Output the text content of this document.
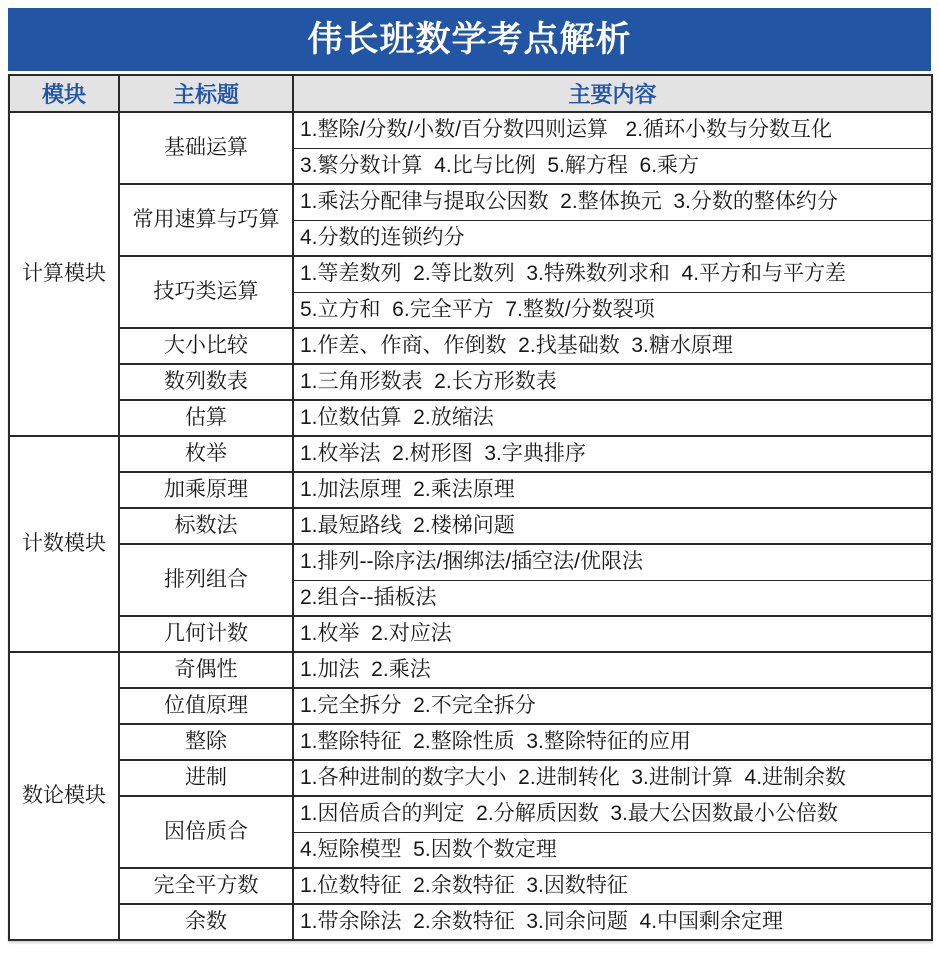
伟长班数学考点解析
模块	主标题	主要内容
计算模块	基础运算	1.整除/分数/小数/百分数四则运算   2.循环小数与分数互化
		3.繁分数计算  4.比与比例  5.解方程  6.乘方
	常用速算与巧算	1.乘法分配律与提取公因数  2.整体换元  3.分数的整体约分
		4.分数的连锁约分
	技巧类运算	1.等差数列  2.等比数列  3.特殊数列求和  4.平方和与平方差
		5.立方和  6.完全平方  7.整数/分数裂项
	大小比较	1.作差、作商、作倒数  2.找基础数  3.糖水原理
	数列数表	1.三角形数表  2.长方形数表
	估算	1.位数估算  2.放缩法
计数模块	枚举	1.枚举法  2.树形图  3.字典排序
	加乘原理	1.加法原理  2.乘法原理
	标数法	1.最短路线  2.楼梯问题
	排列组合	1.排列--除序法/捆绑法/插空法/优限法
		2.组合--插板法
	几何计数	1.枚举  2.对应法
数论模块	奇偶性	1.加法  2.乘法
	位值原理	1.完全拆分  2.不完全拆分
	整除	1.整除特征  2.整除性质  3.整除特征的应用
	进制	1.各种进制的数字大小  2.进制转化  3.进制计算  4.进制余数
	因倍质合	1.因倍质合的判定  2.分解质因数  3.最大公因数最小公倍数
		4.短除模型  5.因数个数定理
	完全平方数	1.位数特征  2.余数特征  3.因数特征
	余数	1.带余除法  2.余数特征  3.同余问题  4.中国剩余定理
